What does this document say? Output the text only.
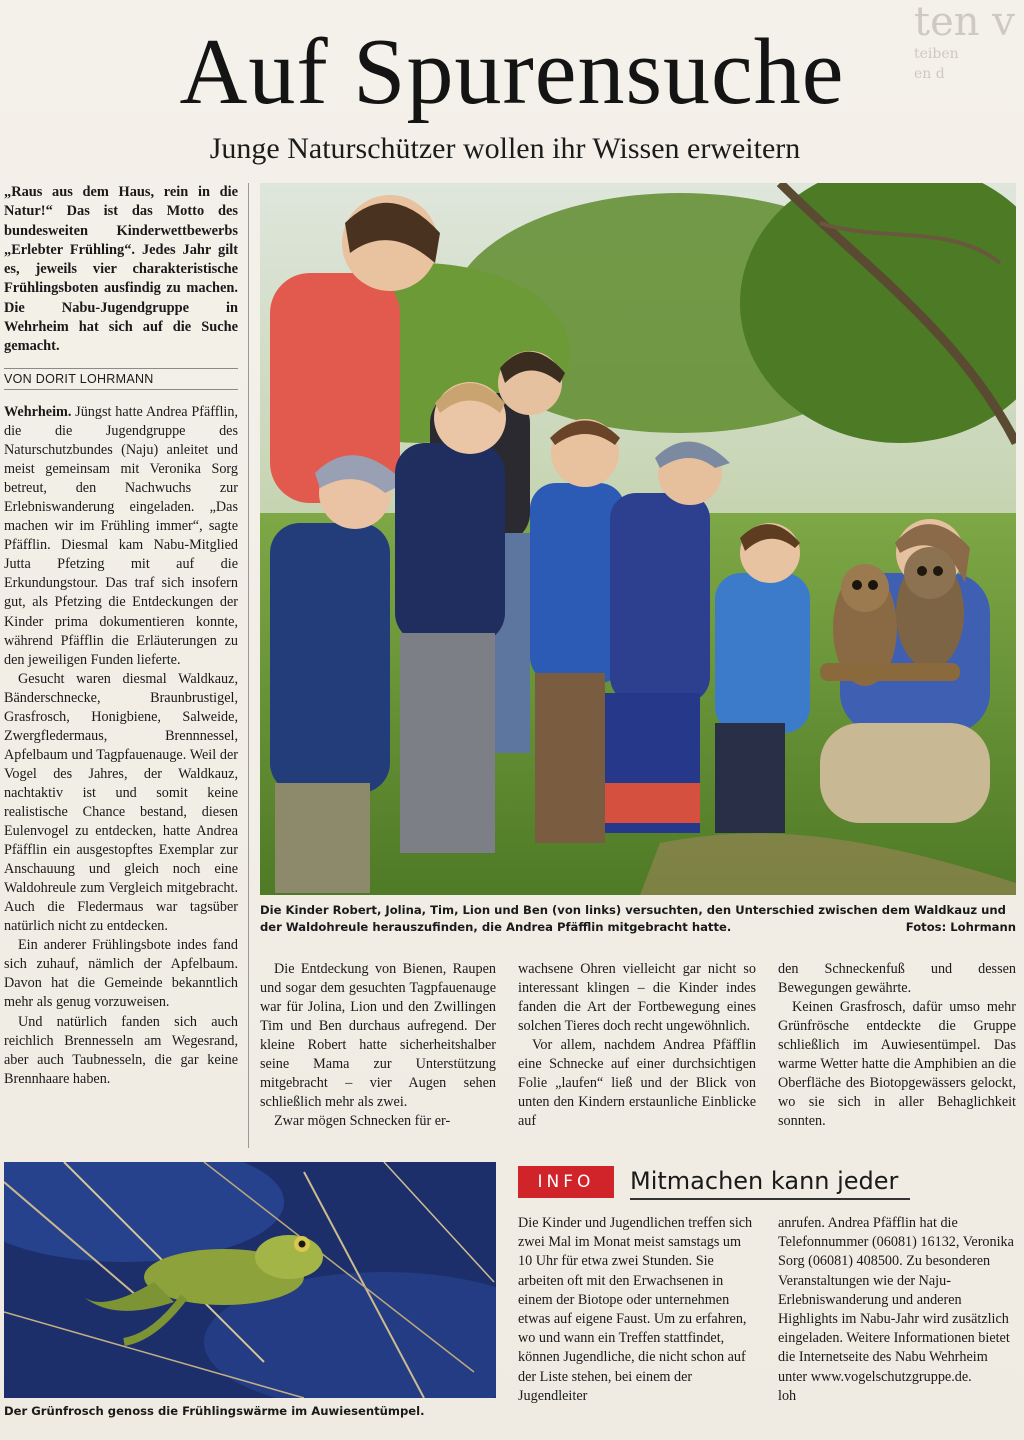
ten v
teiben
en d
Auf Spurensuche
Junge Naturschützer wollen ihr Wissen erweitern

„Raus aus dem Haus, rein in die Natur!“ Das ist das Motto des bundesweiten Kinderwettbewerbs „Erlebter Frühling“. Jedes Jahr gilt es, jeweils vier charakteristische Frühlingsboten ausfindig zu machen. Die Nabu-Jugendgruppe in Wehrheim hat sich auf die Suche gemacht.

VON DORIT LOHRMANN

Wehrheim. Jüngst hatte Andrea Pfäfflin, die die Jugendgruppe des Naturschutzbundes (Naju) anleitet und meist gemeinsam mit Veronika Sorg betreut, den Nachwuchs zur Erlebniswanderung eingeladen. „Das machen wir im Frühling immer“, sagte Pfäfflin. Diesmal kam Nabu-Mitglied Jutta Pfetzing mit auf die Erkundungstour. Das traf sich insofern gut, als Pfetzing die Entdeckungen der Kinder prima dokumentieren konnte, während Pfäfflin die Erläuterungen zu den jeweiligen Funden lieferte.

Gesucht waren diesmal Waldkauz, Bänderschnecke, Braunbrustigel, Grasfrosch, Honigbiene, Salweide, Zwergfledermaus, Brennnessel, Apfelbaum und Tagpfauenauge. Weil der Vogel des Jahres, der Waldkauz, nachtaktiv ist und somit keine realistische Chance bestand, diesen Eulenvogel zu entdecken, hatte Andrea Pfäfflin ein ausgestopftes Exemplar zur Anschauung und gleich noch eine Waldohreule zum Vergleich mitgebracht. Auch die Fledermaus war tagsüber natürlich nicht zu entdecken.

Ein anderer Frühlingsbote indes fand sich zuhauf, nämlich der Apfelbaum. Davon hat die Gemeinde bekanntlich mehr als genug vorzuweisen.

Und natürlich fanden sich auch reichlich Brennesseln am Wegesrand, aber auch Taubnesseln, die gar keine Brennhaare haben.

Die Kinder Robert, Jolina, Tim, Lion und Ben (von links) versuchten, den Unterschied zwischen dem Waldkauz und der Waldohreule herauszufinden, die Andrea Pfäfflin mitgebracht hatte.	Fotos: Lohrmann

Die Entdeckung von Bienen, Raupen und sogar dem gesuchten Tagpfauenauge war für Jolina, Lion und den Zwillingen Tim und Ben durchaus aufregend. Der kleine Robert hatte sicherheitshalber seine Mama zur Unterstützung mitgebracht – vier Augen sehen schließlich mehr als zwei.

Zwar mögen Schnecken für er-

wachsene Ohren vielleicht gar nicht so interessant klingen – die Kinder indes fanden die Art der Fortbewegung eines solchen Tieres doch recht ungewöhnlich.

Vor allem, nachdem Andrea Pfäfflin eine Schnecke auf einer durchsichtigen Folie „laufen“ ließ und der Blick von unten den Kindern erstaunliche Einblicke auf

den Schneckenfuß und dessen Bewegungen gewährte.

Keinen Grasfrosch, dafür umso mehr Grünfrösche entdeckte die Gruppe schließlich im Auwiesentümpel. Das warme Wetter hatte die Amphibien an die Oberfläche des Biotopgewässers gelockt, wo sie sich in aller Behaglichkeit sonnten.

Der Grünfrosch genoss die Frühlingswärme im Auwiesentümpel.

INFO	Mitmachen kann jeder

Die Kinder und Jugendlichen treffen sich zwei Mal im Monat meist samstags um 10 Uhr für etwa zwei Stunden. Sie arbeiten oft mit den Erwachsenen in einem der Biotope oder unternehmen etwas auf eigene Faust. Um zu erfahren, wo und wann ein Treffen stattfindet, können Jugendliche, die nicht schon auf der Liste stehen, bei einem der Jugendleiter

anrufen. Andrea Pfäfflin hat die Telefonnummer (06081) 16132, Veronika Sorg (06081) 408500. Zu besonderen Veranstaltungen wie der Naju-Erlebniswanderung und anderen Highlights im Nabu-Jahr wird zusätzlich eingeladen. Weitere Informationen bietet die Internetseite des Nabu Wehrheim unter www.vogelschutzgruppe.de.
loh
